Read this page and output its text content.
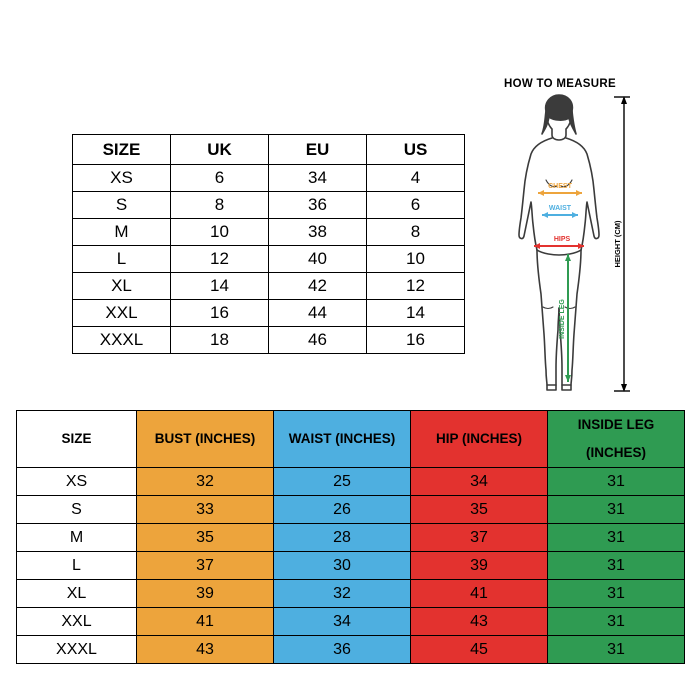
SIZE	UK	EU	US
XS	6	34	4
S	8	36	6
M	10	38	8
L	12	40	10
XL	14	42	12
XXL	16	44	14
XXXL	18	46	16
HOW TO MEASURE
CHEST
WAIST
HIPS
INSIDE LEG
HEIGHT (CM)
SIZE	BUST (INCHES)	WAIST (INCHES)	HIP (INCHES)	INSIDE LEG (INCHES)
XS	32	25	34	31
S	33	26	35	31
M	35	28	37	31
L	37	30	39	31
XL	39	32	41	31
XXL	41	34	43	31
XXXL	43	36	45	31
